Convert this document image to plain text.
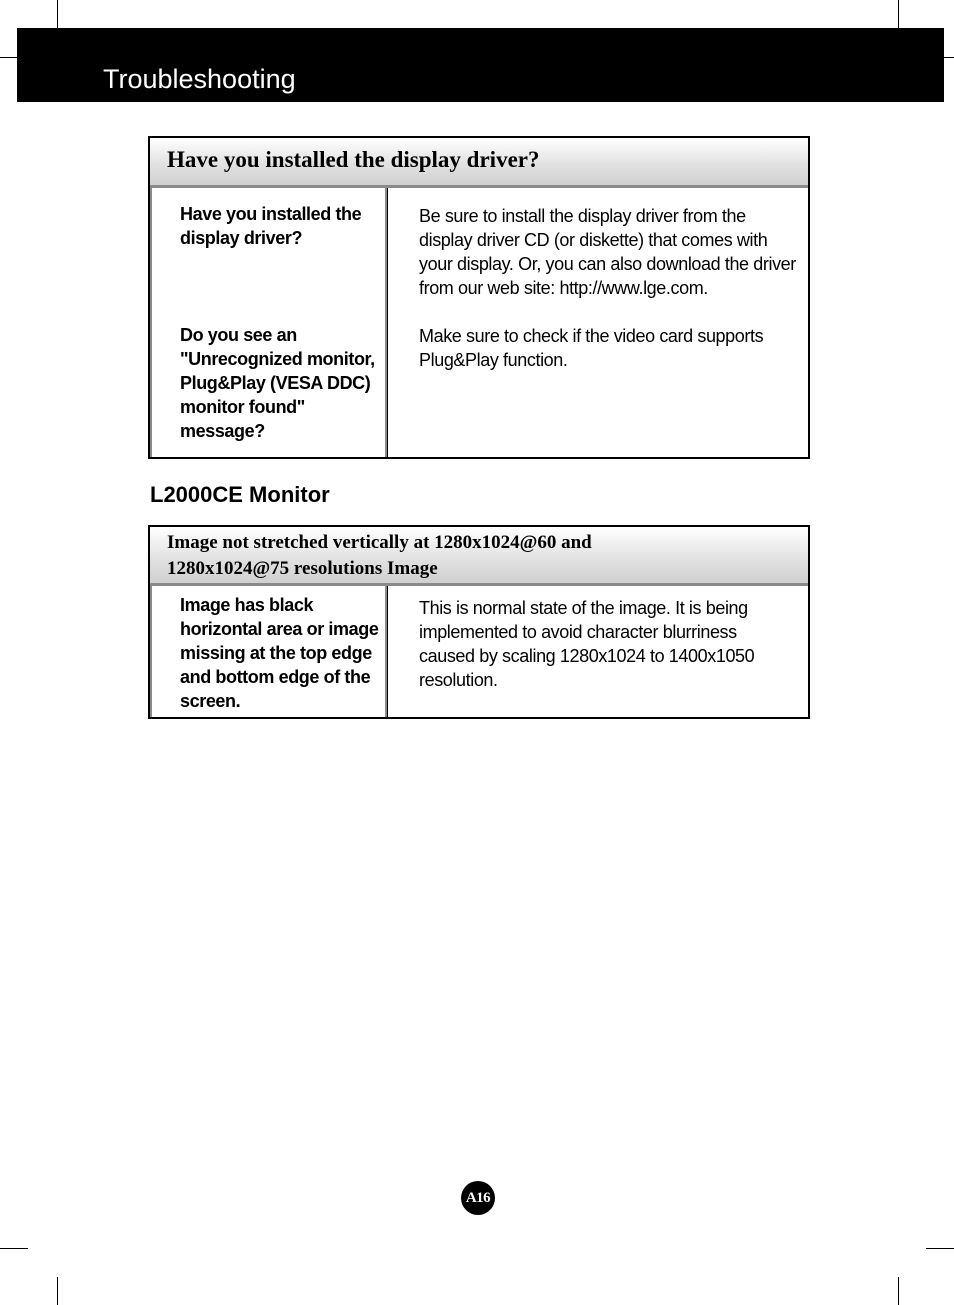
Troubleshooting
Have you installed the display driver?
Have you installed the display driver?
Be sure to install the display driver from the display driver CD (or diskette) that comes with your display. Or, you can also download the driver from our web site: http://www.lge.com.
Do you see an "Unrecognized monitor, Plug&Play (VESA DDC) monitor found" message?
Make sure to check if the video card supports Plug&Play function.
L2000CE Monitor
Image not stretched vertically at 1280x1024@60 and
1280x1024@75 resolutions Image
Image has black horizontal area or image missing at the top edge and bottom edge of the screen.
This is normal state of the image. It is being implemented to avoid character blurriness caused by scaling 1280x1024 to 1400x1050 resolution.
A16
